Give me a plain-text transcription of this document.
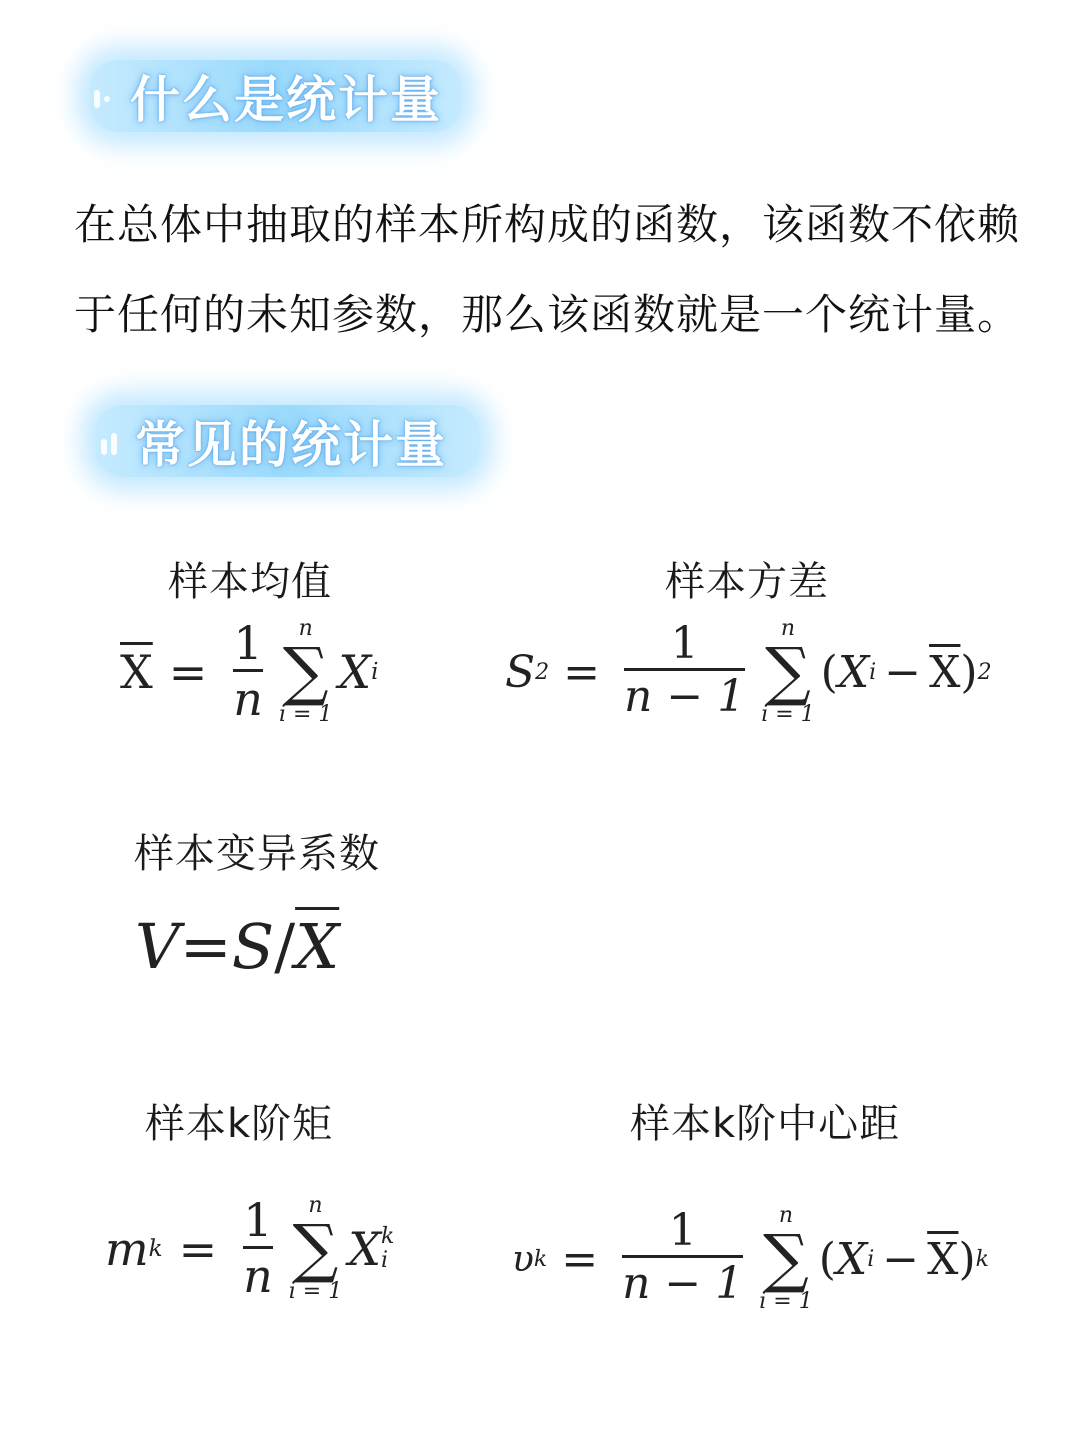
什么是统计量
在总体中抽取的样本所构成的函数，该函数不依赖
于任何的未知参数，那么该函数就是一个统计量。
常见的统计量
样本均值
$\overline{X} = \frac{1}{n}$ n
∑
i = 1
X i
样本方差
S $2 = \frac{1}{n - 1}$ n
∑
i = 1
( X $i - \overline{X}$ ) 2
样本变异系数
$V = S / \overline{X}$
样本k阶矩
m $k = \frac{1}{n}$ n
∑
i = 1
X k
i
样本k阶中心距
υ $k = \frac{1}{n - 1}$ n
∑
i = 1
( X $i - \overline{X}$ ) k
